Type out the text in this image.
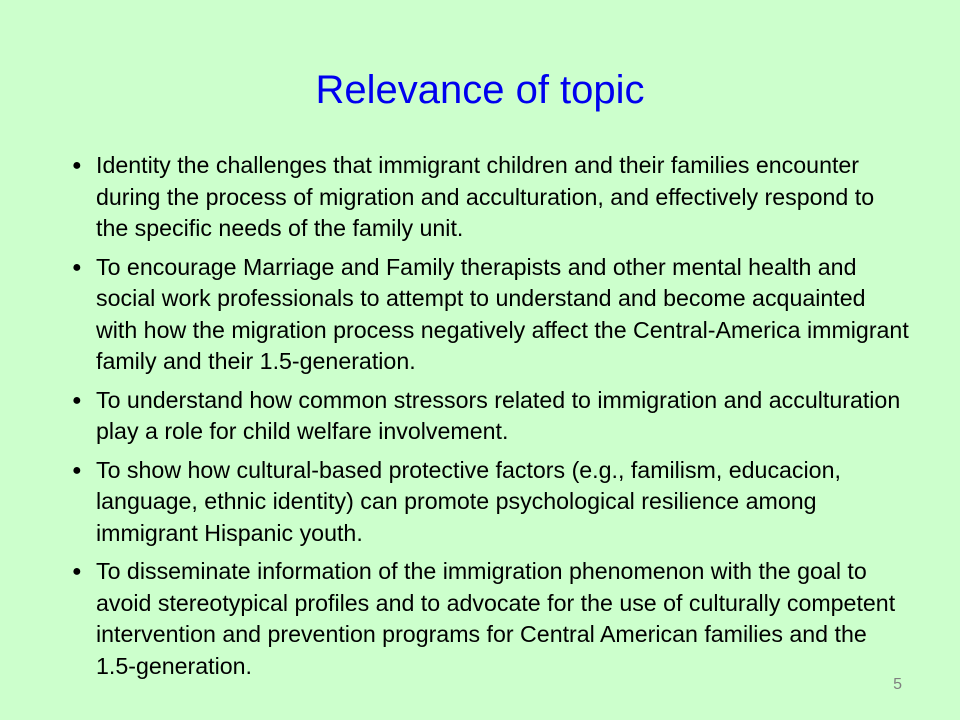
Relevance of topic
● Identity the challenges that immigrant children and their families encounter during the process of migration and acculturation, and effectively respond to the specific needs of the family unit.
● To encourage Marriage and Family therapists and other mental health and social work professionals to attempt to understand and become acquainted with how the migration process negatively affect the Central-America immigrant family and their 1.5-generation.
● To understand how common stressors related to immigration and acculturation play a role for child welfare involvement.
● To show how cultural-based protective factors (e.g., familism, educacion, language, ethnic identity) can promote psychological resilience among immigrant Hispanic youth.
● To disseminate information of the immigration phenomenon with the goal to avoid stereotypical profiles and to advocate for the use of culturally competent intervention and prevention programs for Central American families and the 1.5-generation.
5
